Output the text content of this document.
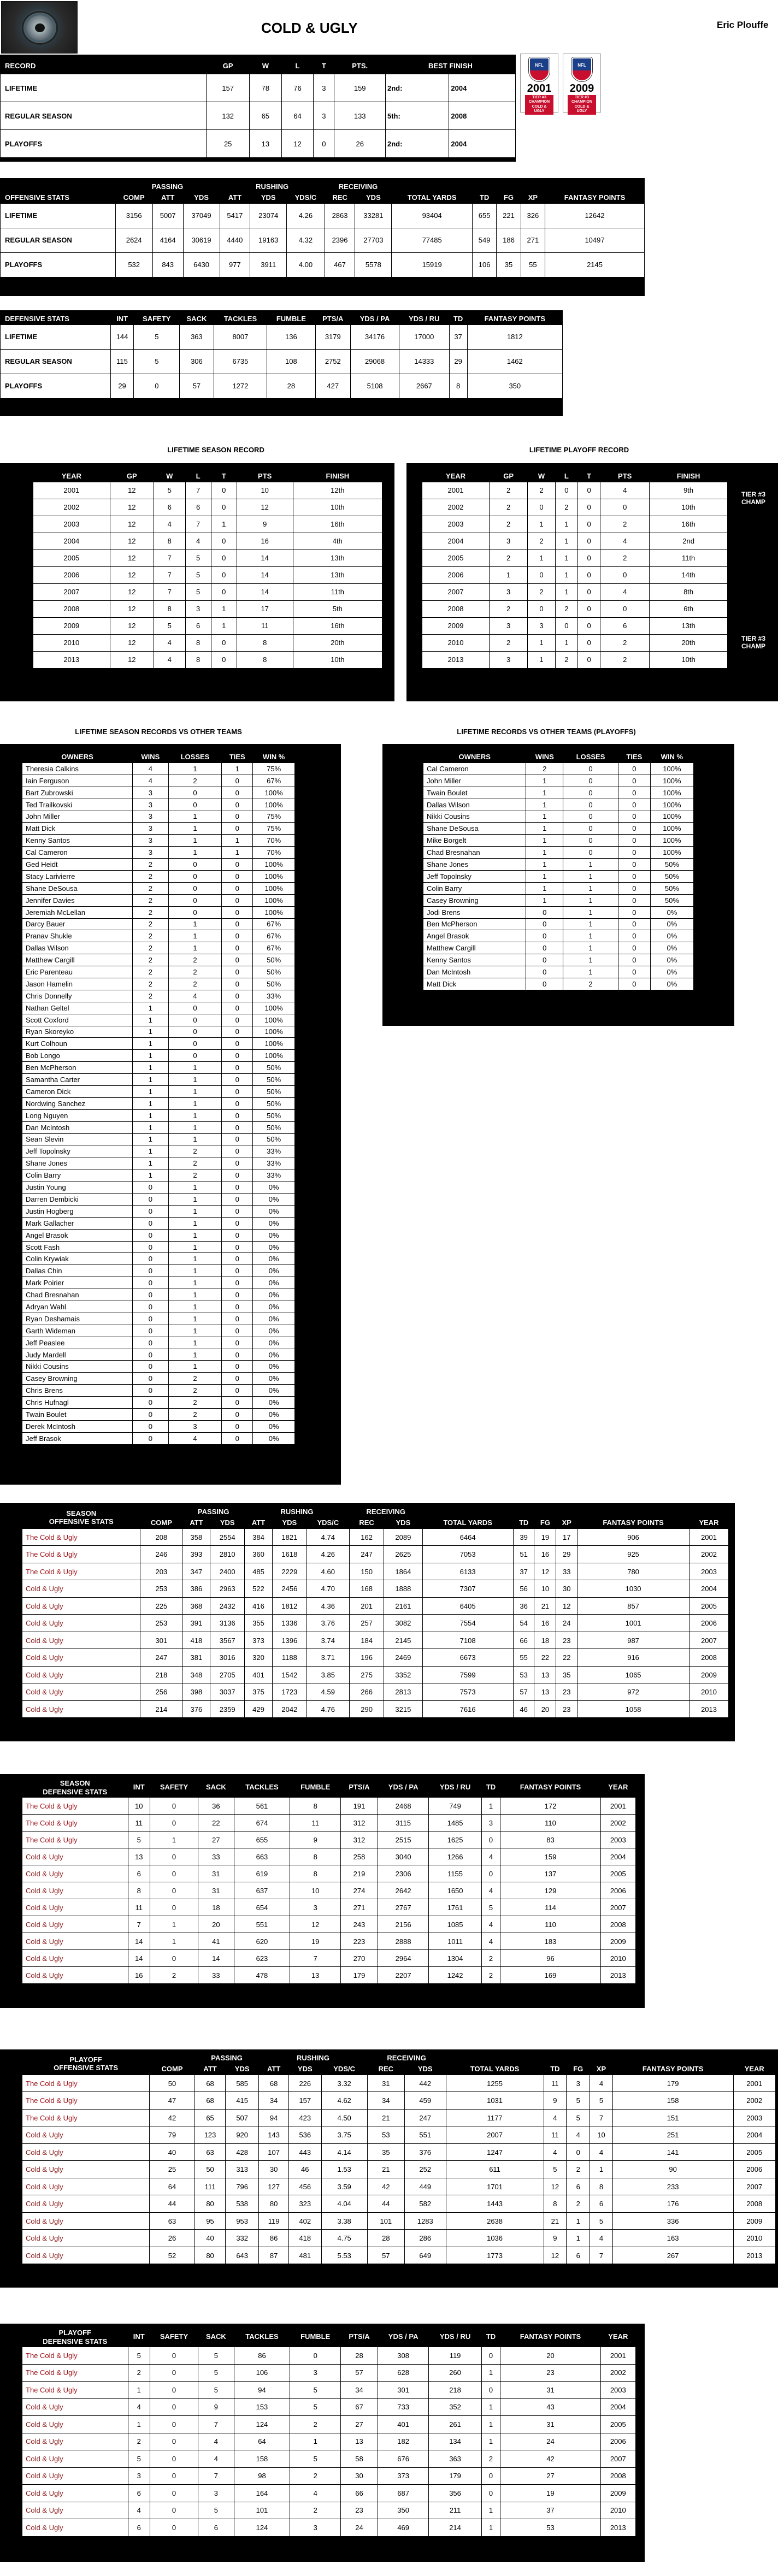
COLD & UGLY	Eric Plouffe
RECORD	GP	W	L	T	PTS.	BEST FINISH	
LIFETIME	157	78	76	3	159	2nd:	2004
REGULAR SEASON	132	65	64	3	133	5th:	2008
PLAYOFFS	25	13	12	0	26	2nd:	2004
NFL
2001
TIER #3
CHAMPION
COLD &
UGLY
NFL
2009
TIER #3
CHAMPION
COLD &
UGLY
	PASSING			RUSHING			RECEIVING						
OFFENSIVE STATS	COMP	ATT	YDS	ATT	YDS	YDS/C	REC	YDS	TOTAL YARDS	TD	FG	XP	FANTASY POINTS
LIFETIME	3156	5007	37049	5417	23074	4.26	2863	33281	93404	655	221	326	12642
REGULAR SEASON	2624	4164	30619	4440	19163	4.32	2396	27703	77485	549	186	271	10497
PLAYOFFS	532	843	6430	977	3911	4.00	467	5578	15919	106	35	55	2145
DEFENSIVE STATS	INT	SAFETY	SACK	TACKLES	FUMBLE	PTS/A	YDS / PA	YDS / RU	TD	FANTASY POINTS
LIFETIME	144	5	363	8007	136	3179	34176	17000	37	1812
REGULAR SEASON	115	5	306	6735	108	2752	29068	14333	29	1462
PLAYOFFS	29	0	57	1272	28	427	5108	2667	8	350
LIFETIME SEASON RECORD	LIFETIME PLAYOFF RECORD
YEAR	GP	W	L	T	PTS	FINISH
2001	12	5	7	0	10	12th
2002	12	6	6	0	12	10th
2003	12	4	7	1	9	16th
2004	12	8	4	0	16	4th
2005	12	7	5	0	14	13th
2006	12	7	5	0	14	13th
2007	12	7	5	0	14	11th
2008	12	8	3	1	17	5th
2009	12	5	6	1	11	16th
2010	12	4	8	0	8	20th
2013	12	4	8	0	8	10th
YEAR	GP	W	L	T	PTS	FINISH
2001	2	2	0	0	4	9th
2002	2	0	2	0	0	10th
2003	2	1	1	0	2	16th
2004	3	2	1	0	4	2nd
2005	2	1	1	0	2	11th
2006	1	0	1	0	0	14th
2007	3	2	1	0	4	8th
2008	2	0	2	0	0	6th
2009	3	3	0	0	6	13th
2010	2	1	1	0	2	20th
2013	3	1	2	0	2	10th
TIER #3 CHAMP
TIER #3 CHAMP
LIFETIME SEASON RECORDS VS OTHER TEAMS	LIFETIME RECORDS VS OTHER TEAMS (PLAYOFFS)
OWNERS	WINS	LOSSES	TIES	WIN %
Theresia Calkins	4	1	1	75%
Iain Ferguson	4	2	0	67%
Bart Zubrowski	3	0	0	100%
Ted Trailkovski	3	0	0	100%
John Miller	3	1	0	75%
Matt Dick	3	1	0	75%
Kenny Santos	3	1	1	70%
Cal Cameron	3	1	1	70%
Ged Heidt	2	0	0	100%
Stacy Larivierre	2	0	0	100%
Shane DeSousa	2	0	0	100%
Jennifer Davies	2	0	0	100%
Jeremiah McLellan	2	0	0	100%
Darcy Bauer	2	1	0	67%
Pranav Shukle	2	1	0	67%
Dallas Wilson	2	1	0	67%
Matthew Cargill	2	2	0	50%
Eric Parenteau	2	2	0	50%
Jason Hamelin	2	2	0	50%
Chris Donnelly	2	4	0	33%
Nathan Geltel	1	0	0	100%
Scott Coxford	1	0	0	100%
Ryan Skoreyko	1	0	0	100%
Kurt Colhoun	1	0	0	100%
Bob Longo	1	0	0	100%
Ben McPherson	1	1	0	50%
Samantha Carter	1	1	0	50%
Cameron Dick	1	1	0	50%
Nordwing Sanchez	1	1	0	50%
Long Nguyen	1	1	0	50%
Dan McIntosh	1	1	0	50%
Sean Slevin	1	1	0	50%
Jeff Topolnsky	1	2	0	33%
Shane Jones	1	2	0	33%
Colin Barry	1	2	0	33%
Justin Young	0	1	0	0%
Darren Dembicki	0	1	0	0%
Justin Hogberg	0	1	0	0%
Mark Gallacher	0	1	0	0%
Angel Brasok	0	1	0	0%
Scott Fash	0	1	0	0%
Colin Krywiak	0	1	0	0%
Dallas Chin	0	1	0	0%
Mark Poirier	0	1	0	0%
Chad Bresnahan	0	1	0	0%
Adryan Wahl	0	1	0	0%
Ryan Deshamais	0	1	0	0%
Garth Wideman	0	1	0	0%
Jeff Peaslee	0	1	0	0%
Judy Mardell	0	1	0	0%
Nikki Cousins	0	1	0	0%
Casey Browning	0	2	0	0%
Chris Brens	0	2	0	0%
Chris Hufnagl	0	2	0	0%
Twain Boulet	0	2	0	0%
Derek McIntosh	0	3	0	0%
Jeff Brasok	0	4	0	0%
OWNERS	WINS	LOSSES	TIES	WIN %
Cal Cameron	2	0	0	100%
John Miller	1	0	0	100%
Twain Boulet	1	0	0	100%
Dallas Wilson	1	0	0	100%
Nikki Cousins	1	0	0	100%
Shane DeSousa	1	0	0	100%
Mike Borgelt	1	0	0	100%
Chad Bresnahan	1	0	0	100%
Shane Jones	1	1	0	50%
Jeff Topolnsky	1	1	0	50%
Colin Barry	1	1	0	50%
Casey Browning	1	1	0	50%
Jodi Brens	0	1	0	0%
Ben McPherson	0	1	0	0%
Angel Brasok	0	1	0	0%
Matthew Cargill	0	1	0	0%
Kenny Santos	0	1	0	0%
Dan McIntosh	0	1	0	0%
Matt Dick	0	2	0	0%
SEASON
OFFENSIVE STATS		PASSING		RUSHING			RECEIVING							
	COMP	ATT	YDS	ATT	YDS	YDS/C	REC	YDS	TOTAL YARDS	TD	FG	XP	FANTASY POINTS	YEAR
The Cold & Ugly	208	358	2554	384	1821	4.74	162	2089	6464	39	19	17	906	2001
The Cold & Ugly	246	393	2810	360	1618	4.26	247	2625	7053	51	16	29	925	2002
The Cold & Ugly	203	347	2400	485	2229	4.60	150	1864	6133	37	12	33	780	2003
Cold & Ugly	253	386	2963	522	2456	4.70	168	1888	7307	56	10	30	1030	2004
Cold & Ugly	225	368	2432	416	1812	4.36	201	2161	6405	36	21	12	857	2005
Cold & Ugly	253	391	3136	355	1336	3.76	257	3082	7554	54	16	24	1001	2006
Cold & Ugly	301	418	3567	373	1396	3.74	184	2145	7108	66	18	23	987	2007
Cold & Ugly	247	381	3016	320	1188	3.71	196	2469	6673	55	22	22	916	2008
Cold & Ugly	218	348	2705	401	1542	3.85	275	3352	7599	53	13	35	1065	2009
Cold & Ugly	256	398	3037	375	1723	4.59	266	2813	7573	57	13	23	972	2010
Cold & Ugly	214	376	2359	429	2042	4.76	290	3215	7616	46	20	23	1058	2013
SEASON
DEFENSIVE STATS	INT	SAFETY	SACK	TACKLES	FUMBLE	PTS/A	YDS / PA	YDS / RU	TD	FANTASY POINTS	YEAR
The Cold & Ugly	10	0	36	561	8	191	2468	749	1	172	2001
The Cold & Ugly	11	0	22	674	11	312	3115	1485	3	110	2002
The Cold & Ugly	5	1	27	655	9	312	2515	1625	0	83	2003
Cold & Ugly	13	0	33	663	8	258	3040	1266	4	159	2004
Cold & Ugly	6	0	31	619	8	219	2306	1155	0	137	2005
Cold & Ugly	8	0	31	637	10	274	2642	1650	4	129	2006
Cold & Ugly	11	0	18	654	3	271	2767	1761	5	114	2007
Cold & Ugly	7	1	20	551	12	243	2156	1085	4	110	2008
Cold & Ugly	14	1	41	620	19	223	2888	1011	4	183	2009
Cold & Ugly	14	0	14	623	7	270	2964	1304	2	96	2010
Cold & Ugly	16	2	33	478	13	179	2207	1242	2	169	2013
PLAYOFF
OFFENSIVE STATS		PASSING		RUSHING			RECEIVING							
	COMP	ATT	YDS	ATT	YDS	YDS/C	REC	YDS	TOTAL YARDS	TD	FG	XP	FANTASY POINTS	YEAR
The Cold & Ugly	50	68	585	68	226	3.32	31	442	1255	11	3	4	179	2001
The Cold & Ugly	47	68	415	34	157	4.62	34	459	1031	9	5	5	158	2002
The Cold & Ugly	42	65	507	94	423	4.50	21	247	1177	4	5	7	151	2003
Cold & Ugly	79	123	920	143	536	3.75	53	551	2007	11	4	10	251	2004
Cold & Ugly	40	63	428	107	443	4.14	35	376	1247	4	0	4	141	2005
Cold & Ugly	25	50	313	30	46	1.53	21	252	611	5	2	1	90	2006
Cold & Ugly	64	111	796	127	456	3.59	42	449	1701	12	6	8	233	2007
Cold & Ugly	44	80	538	80	323	4.04	44	582	1443	8	2	6	176	2008
Cold & Ugly	63	95	953	119	402	3.38	101	1283	2638	21	1	5	336	2009
Cold & Ugly	26	40	332	86	418	4.75	28	286	1036	9	1	4	163	2010
Cold & Ugly	52	80	643	87	481	5.53	57	649	1773	12	6	7	267	2013
PLAYOFF
DEFENSIVE STATS	INT	SAFETY	SACK	TACKLES	FUMBLE	PTS/A	YDS / PA	YDS / RU	TD	FANTASY POINTS	YEAR
The Cold & Ugly	5	0	5	86	0	28	308	119	0	20	2001
The Cold & Ugly	2	0	5	106	3	57	628	260	1	23	2002
The Cold & Ugly	1	0	5	94	5	34	301	218	0	31	2003
Cold & Ugly	4	0	9	153	5	67	733	352	1	43	2004
Cold & Ugly	1	0	7	124	2	27	401	261	1	31	2005
Cold & Ugly	2	0	4	64	1	13	182	134	1	24	2006
Cold & Ugly	5	0	4	158	5	58	676	363	2	42	2007
Cold & Ugly	3	0	7	98	2	30	373	179	0	27	2008
Cold & Ugly	6	0	3	164	4	66	687	356	0	19	2009
Cold & Ugly	4	0	5	101	2	23	350	211	1	37	2010
Cold & Ugly	6	0	6	124	3	24	469	214	1	53	2013
